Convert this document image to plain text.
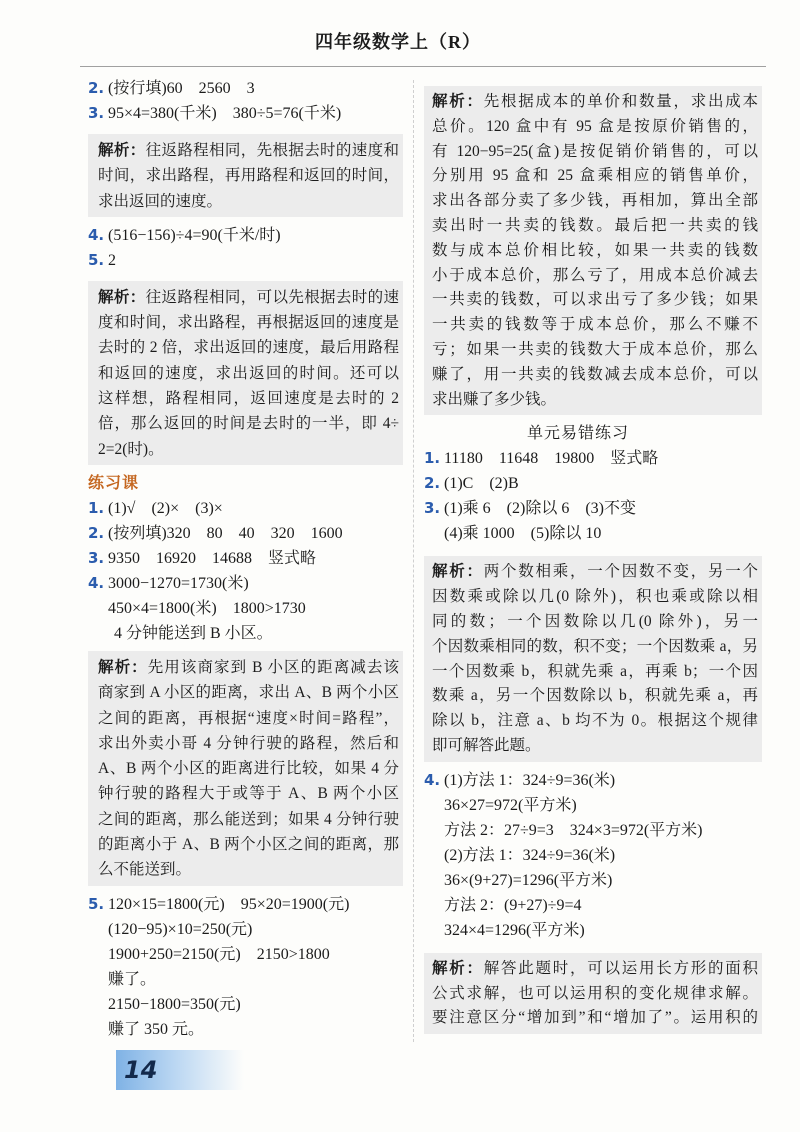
四年级数学上（R）
2. (按行填)60    2560    3
3. 95×4=380(千米)    380÷5=76(千米)
解析：往返路程相同，先根据去时的速度和
时间，求出路程，再用路程和返回的时间，
求出返回的速度。
4. (516−156)÷4=90(千米/时)
5. 2
解析：往返路程相同，可以先根据去时的速
度和时间，求出路程，再根据返回的速度是
去时的 2 倍，求出返回的速度，最后用路程
和返回的速度，求出返回的时间。还可以
这样想，路程相同，返回速度是去时的 2
倍，那么返回的时间是去时的一半，即 4÷
2=2(时)。
练习课
1. (1)√    (2)×    (3)×
2. (按列填)320    80    40    320    1600
3. 9350    16920    14688    竖式略
4. 3000−1270=1730(米)
450×4=1800(米)    1800>1730
4 分钟能送到 B 小区。
解析：先用该商家到 B 小区的距离减去该
商家到 A 小区的距离，求出 A、B 两个小区
之间的距离，再根据“速度×时间=路程”，
求出外卖小哥 4 分钟行驶的路程，然后和
A、B 两个小区的距离进行比较，如果 4 分
钟行驶的路程大于或等于 A、B 两个小区
之间的距离，那么能送到；如果 4 分钟行驶
的距离小于 A、B 两个小区之间的距离，那
么不能送到。
5. 120×15=1800(元)    95×20=1900(元)
(120−95)×10=250(元)
1900+250=2150(元)    2150>1800
赚了。
2150−1800=350(元)
赚了 350 元。
解析：先根据成本的单价和数量，求出成本
总价。120 盒中有 95 盒是按原价销售的，
有 120−95=25(盒)是按促销价销售的，可以
分别用 95 盒和 25 盒乘相应的销售单价，
求出各部分卖了多少钱，再相加，算出全部
卖出时一共卖的钱数。最后把一共卖的钱
数与成本总价相比较，如果一共卖的钱数
小于成本总价，那么亏了，用成本总价减去
一共卖的钱数，可以求出亏了多少钱；如果
一共卖的钱数等于成本总价，那么不赚不
亏；如果一共卖的钱数大于成本总价，那么
赚了，用一共卖的钱数减去成本总价，可以
求出赚了多少钱。
单元易错练习
1. 11180    11648    19800    竖式略
2. (1)C    (2)B
3. (1)乘 6    (2)除以 6    (3)不变
(4)乘 1000    (5)除以 10
解析：两个数相乘，一个因数不变，另一个
因数乘或除以几(0 除外)，积也乘或除以相
同的数；一个因数除以几(0 除外)，另一
个因数乘相同的数，积不变；一个因数乘 a，另
一个因数乘 b，积就先乘 a，再乘 b；一个因
数乘 a，另一个因数除以 b，积就先乘 a，再
除以 b，注意 a、b 均不为 0。根据这个规律
即可解答此题。
4. (1)方法 1：324÷9=36(米)
36×27=972(平方米)
方法 2：27÷9=3    324×3=972(平方米)
(2)方法 1：324÷9=36(米)
36×(9+27)=1296(平方米)
方法 2：(9+27)÷9=4
324×4=1296(平方米)
解析：解答此题时，可以运用长方形的面积
公式求解，也可以运用积的变化规律求解。
要注意区分“增加到”和“增加了”。运用积的
14
